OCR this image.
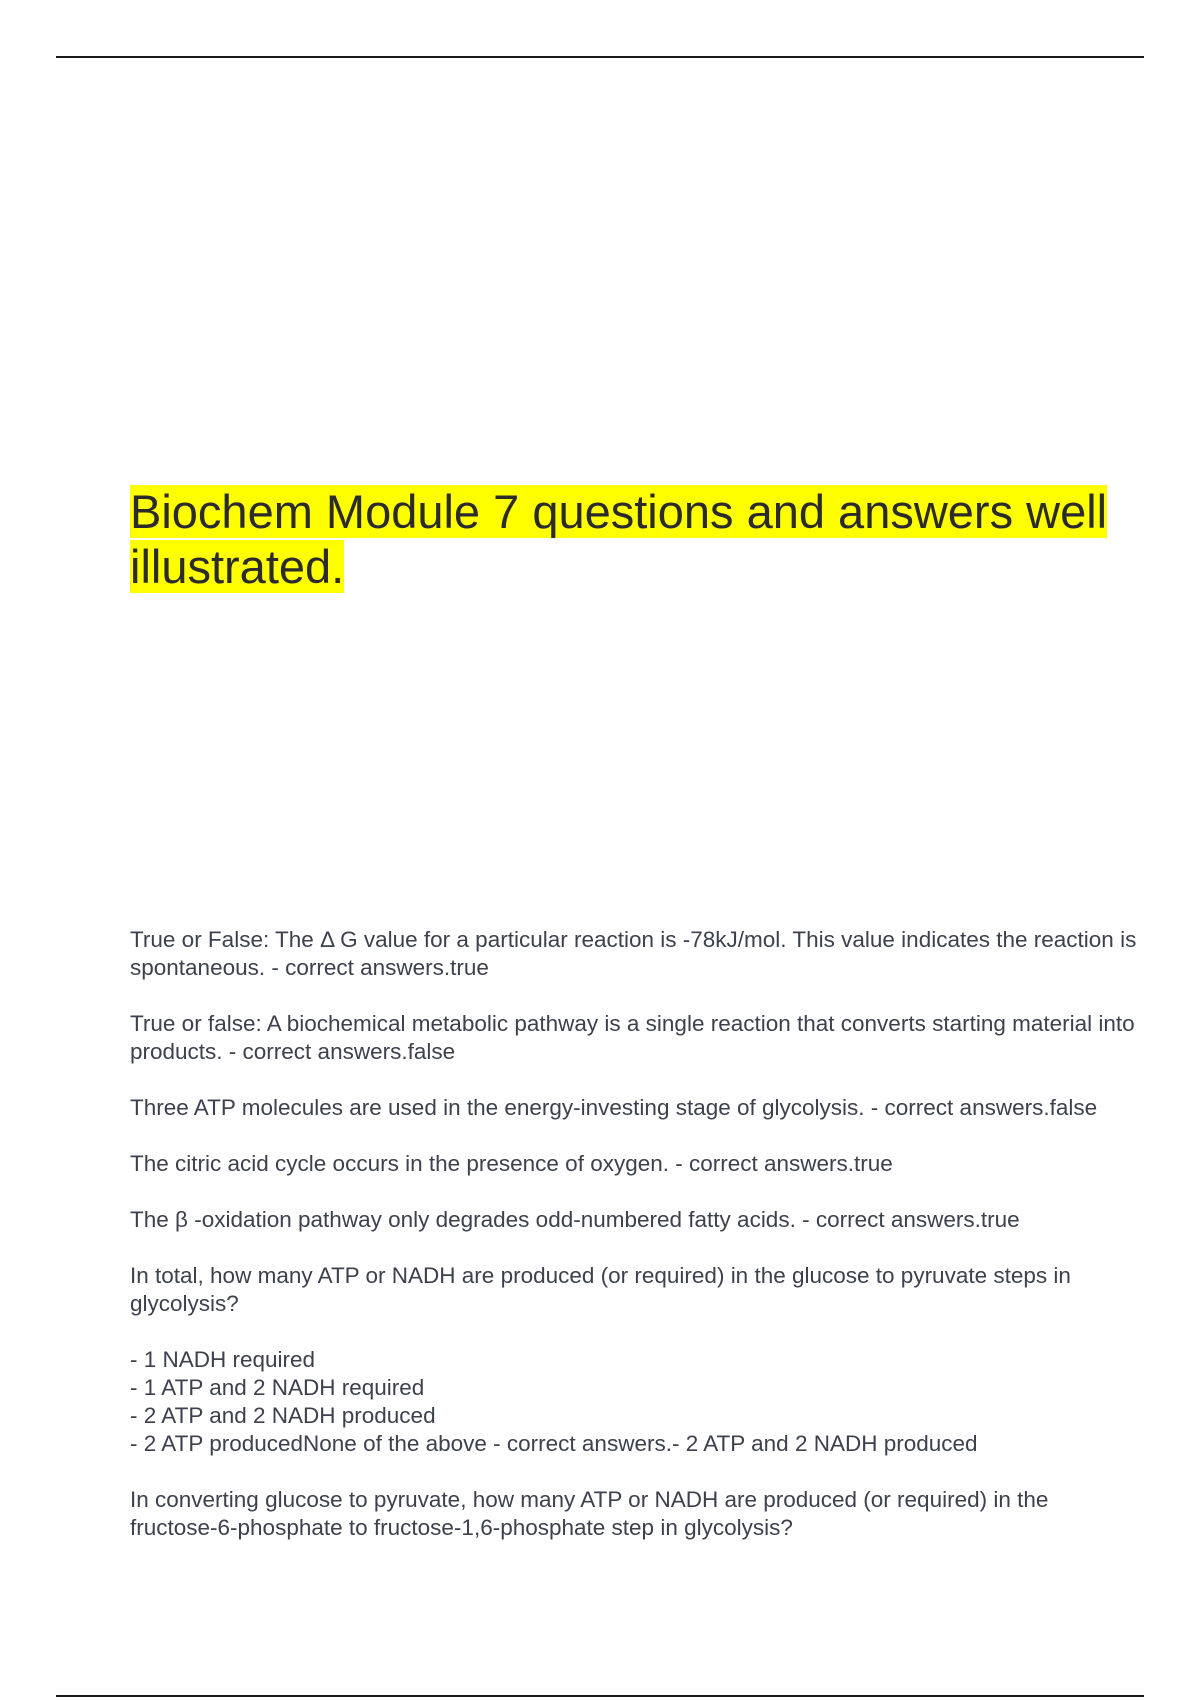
Biochem Module 7 questions and answers well illustrated.

True or False: The Δ G value for a particular reaction is -78kJ/mol. This value indicates the reaction is spontaneous. - correct answers.true

True or false: A biochemical metabolic pathway is a single reaction that converts starting material into products. - correct answers.false

Three ATP molecules are used in the energy-investing stage of glycolysis. - correct answers.false

The citric acid cycle occurs in the presence of oxygen. - correct answers.true

The β -oxidation pathway only degrades odd-numbered fatty acids. - correct answers.true

In total, how many ATP or NADH are produced (or required) in the glucose to pyruvate steps in glycolysis?

- 1 NADH required
- 1 ATP and 2 NADH required
- 2 ATP and 2 NADH produced
- 2 ATP producedNone of the above - correct answers.- 2 ATP and 2 NADH produced

In converting glucose to pyruvate, how many ATP or NADH are produced (or required) in the fructose-6-phosphate to fructose-1,6-phosphate step in glycolysis?
